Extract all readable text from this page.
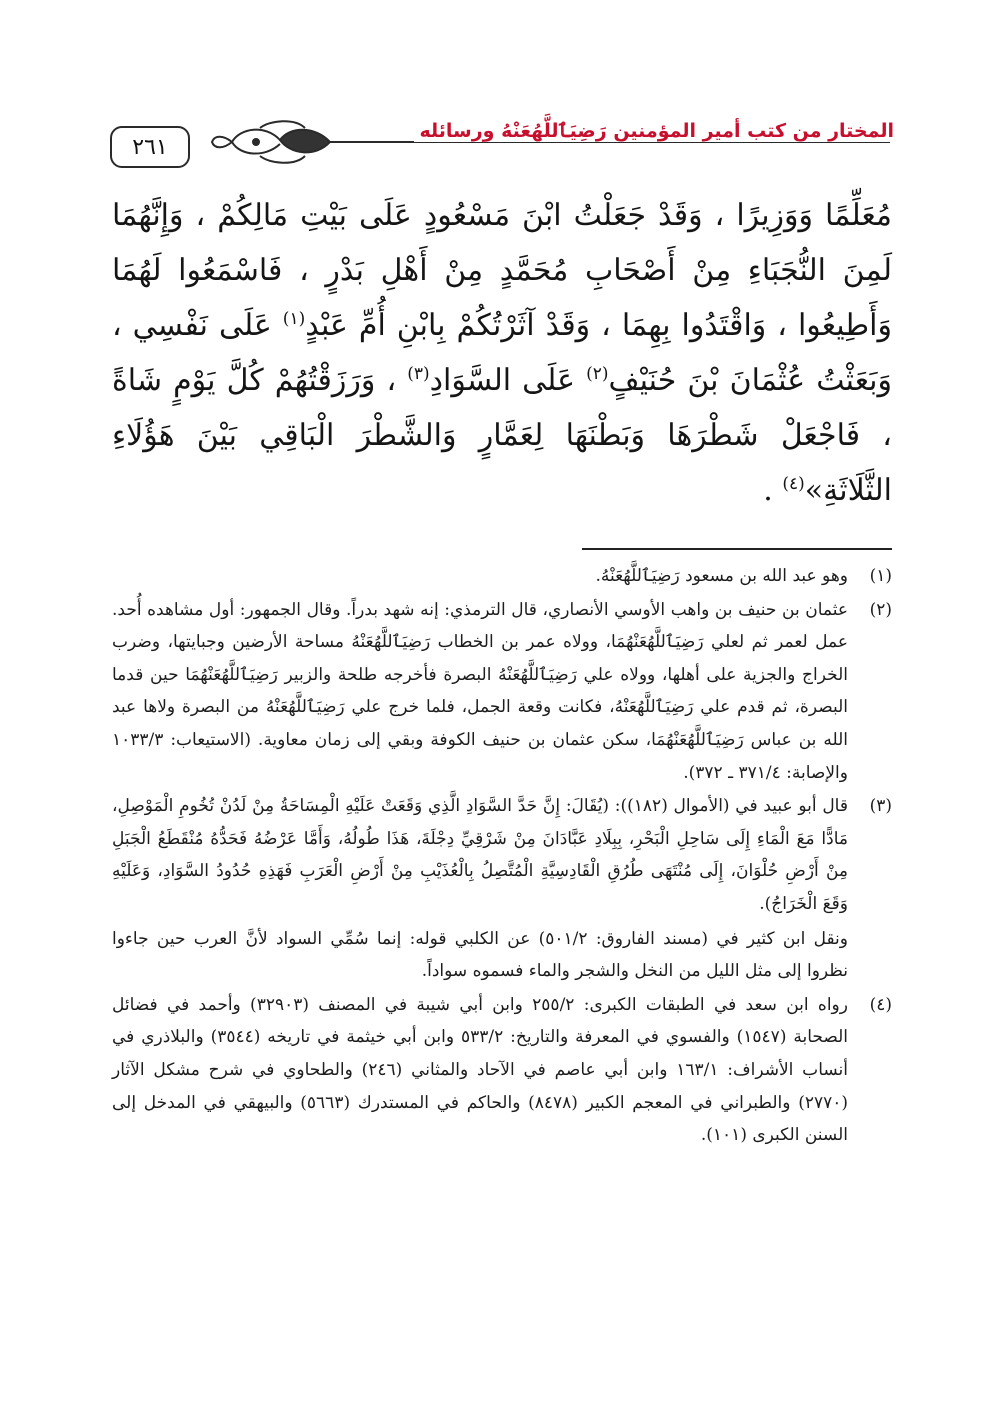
٢٦١
المختار من كتب أمير المؤمنين رَضِيَٱللَّهُعَنْهُ ورسائله

مُعَلِّمًا وَوَزِيرًا ، وَقَدْ جَعَلْتُ ابْنَ مَسْعُودٍ عَلَى بَيْتِ مَالِكُمْ ، وَإِنَّهُمَا لَمِنَ النُّجَبَاءِ مِنْ أَصْحَابِ مُحَمَّدٍ مِنْ أَهْلِ بَدْرٍ ، فَاسْمَعُوا لَهُمَا وَأَطِيعُوا ، وَاقْتَدُوا بِهِمَا ، وَقَدْ آثَرْتُكُمْ بِابْنِ أُمِّ عَبْدٍ$^{(١)}$ عَلَى نَفْسِي ، وَبَعَثْتُ عُثْمَانَ بْنَ حُنَيْفٍ$^{(٢)}$ عَلَى السَّوَادِ$^{(٣)}$ ، وَرَزَقْتُهُمْ كُلَّ يَوْمٍ شَاةً ، فَاجْعَلْ شَطْرَهَا وَبَطْنَهَا لِعَمَّارٍ وَالشَّطْرَ الْبَاقِي بَيْنَ هَؤُلَاءِ الثَّلَاثَةِ»$^{(٤)}$ .

(١)

وهو عبد الله بن مسعود رَضِيَٱللَّهُعَنْهُ.

(٢)

عثمان بن حنيف بن واهب الأوسي الأنصاري، قال الترمذي: إنه شهد بدراً. وقال الجمهور: أول مشاهده أُحد. عمل لعمر ثم لعلي رَضِيَٱللَّهُعَنْهُمَا، وولاه عمر بن الخطاب رَضِيَٱللَّهُعَنْهُ مساحة الأرضين وجبايتها، وضرب الخراج والجزية على أهلها، وولاه علي رَضِيَٱللَّهُعَنْهُ البصرة فأخرجه طلحة والزبير رَضِيَٱللَّهُعَنْهُمَا حين قدما البصرة، ثم قدم علي رَضِيَٱللَّهُعَنْهُ، فكانت وقعة الجمل، فلما خرج علي رَضِيَٱللَّهُعَنْهُ من البصرة ولاها عبد الله بن عباس رَضِيَٱللَّهُعَنْهُمَا، سكن عثمان بن حنيف الكوفة وبقي إلى زمان معاوية. (الاستيعاب: ١٠٣٣/٣ والإصابة: ٣٧١/٤ ـ ٣٧٢).

(٣)

قال أبو عبيد في (الأموال (١٨٢)): (يُقَالَ: إِنَّ حَدَّ السَّوَادِ الَّذِي وَقَعَتْ عَلَيْهِ الْمِسَاحَةُ مِنْ لَدُنْ تُخُومِ الْمَوْصِلِ، مَادًّا مَعَ الْمَاءِ إِلَى سَاحِلِ الْبَحْرِ، بِبِلَادِ عَبَّادَانَ مِنْ شَرْقِيِّ دِجْلَةَ، هَذَا طُولُهُ، وَأَمَّا عَرْضُهُ فَحَدُّهُ مُنْقَطَعُ الْجَبَلِ مِنْ أَرْضِ حُلْوَانَ، إِلَى مُنْتَهَى طُرُقِ الْقَادِسِيَّةِ الْمُتَّصِلُ بِالْعُذَيْبِ مِنْ أَرْضِ الْعَرَبِ فَهَذِهِ حُدُودُ السَّوَادِ، وَعَلَيْهِ وَقَعَ الْخَرَاجُ).

ونقل ابن كثير في (مسند الفاروق: ٥٠١/٢) عن الكلبي قوله: إنما سُمِّي السواد لأنَّ العرب حين جاءوا نظروا إلى مثل الليل من النخل والشجر والماء فسموه سواداً.

(٤)

رواه ابن سعد في الطبقات الكبرى: ٢٥٥/٢ وابن أبي شيبة في المصنف (٣٢٩٠٣) وأحمد في فضائل الصحابة (١٥٤٧) والفسوي في المعرفة والتاريخ: ٥٣٣/٢ وابن أبي خيثمة في تاريخه (٣٥٤٤) والبلاذري في أنساب الأشراف: ١٦٣/١ وابن أبي عاصم في الآحاد والمثاني (٢٤٦) والطحاوي في شرح مشكل الآثار (٢٧٧٠) والطبراني في المعجم الكبير (٨٤٧٨) والحاكم في المستدرك (٥٦٦٣) والبيهقي في المدخل إلى السنن الكبرى (١٠١).
